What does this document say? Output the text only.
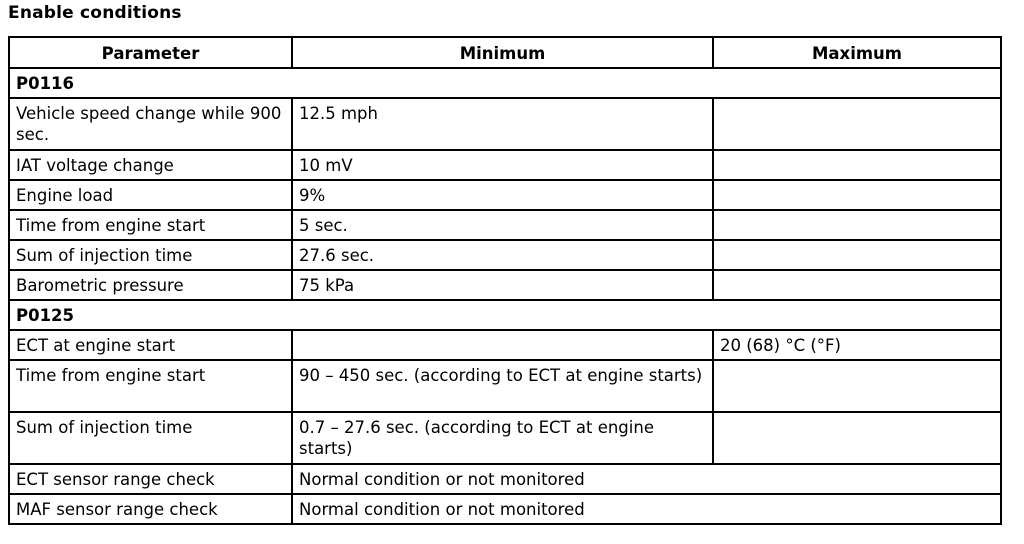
Enable conditions
Parameter	Minimum	Maximum
P0116		
Vehicle speed change while 900 sec.	12.5 mph	
IAT voltage change	10 mV	
Engine load	9%	
Time from engine start	5 sec.	
Sum of injection time	27.6 sec.	
Barometric pressure	75 kPa	
P0125		
ECT at engine start		20 (68) °C (°F)
Time from engine start	90 – 450 sec. (according to ECT at engine starts)	
Sum of injection time	0.7 – 27.6 sec. (according to ECT at engine starts)	
ECT sensor range check	Normal condition or not monitored	
MAF sensor range check	Normal condition or not monitored	
